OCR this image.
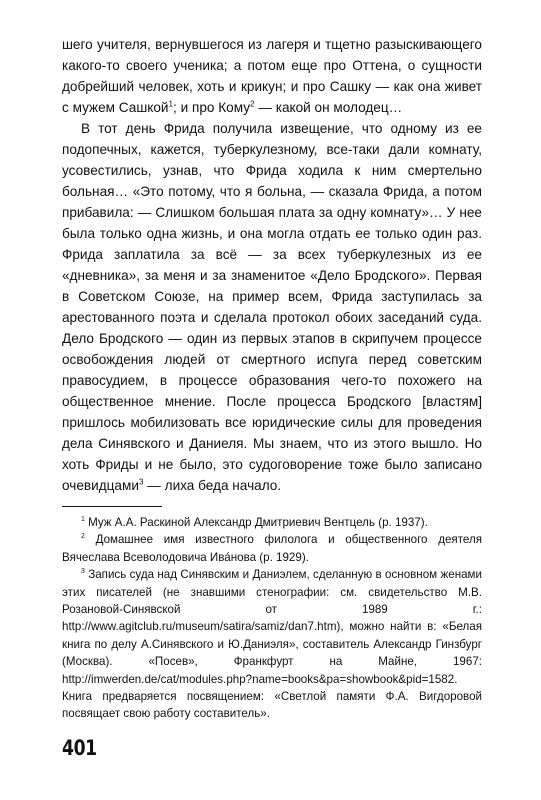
шего учителя, вернувшегося из лагеря и тщетно разыскивающего какого-то своего ученика; а потом еще про Оттена, о сущности добрейший человек, хоть и крикун; и про Сашку — как она живет с мужем Сашкой$^1$; и про Кому$^2$ — какой он молодец…

В тот день Фрида получила извещение, что одному из ее подопечных, кажется, туберкулезному, все-таки дали комнату, усовестились, узнав, что Фрида ходила к ним смертельно больная… «Это потому, что я больна, — сказала Фрида, а потом прибавила: — Слишком большая плата за одну комнату»… У нее была только одна жизнь, и она могла отдать ее только один раз. Фрида заплатила за всё — за всех туберкулезных из ее «дневника», за меня и за знаменитое «Дело Бродского». Первая в Советском Союзе, на пример всем, Фрида заступилась за арестованного поэта и сделала протокол обоих заседаний суда. Дело Бродского — один из первых этапов в скрипучем процессе освобождения людей от смертного испуга перед советским правосудием, в процессе образования чего-то похожего на общественное мнение. После процесса Бродского [властям] пришлось мобилизовать все юридические силы для проведения дела Синявского и Даниеля. Мы знаем, что из этого вышло. Но хоть Фриды и не было, это судоговорение тоже было записано очевидцами$^3$ — лиха беда начало.

$^1$ Муж А.А. Раскиной Александр Дмитриевич Вентцель (р. 1937).

$^2$ Домашнее имя известного филолога и общественного деятеля Вячеслава Всеволодовича Ива́нова (р. 1929).

$^3$ Запись суда над Синявским и Даниэлем, сделанную в основном женами этих писателей (не знавшими стенографии: см. свидетельство М.В. Розановой-Синявской от 1989 г.: http://www.agitclub.ru/museum/satira/samiz/dan7.htm), можно найти в: «Белая книга по делу А.Синявского и Ю.Даниэля», составитель Александр Гинзбург (Москва). «Посев», Франкфурт на Майне, 1967: http://imwerden.de/cat/modules.php?name=books&pa=showbook&pid=1582. Книга предваряется посвящением: «Светлой памяти Ф.А. Вигдоровой посвящает свою работу составитель».

401
